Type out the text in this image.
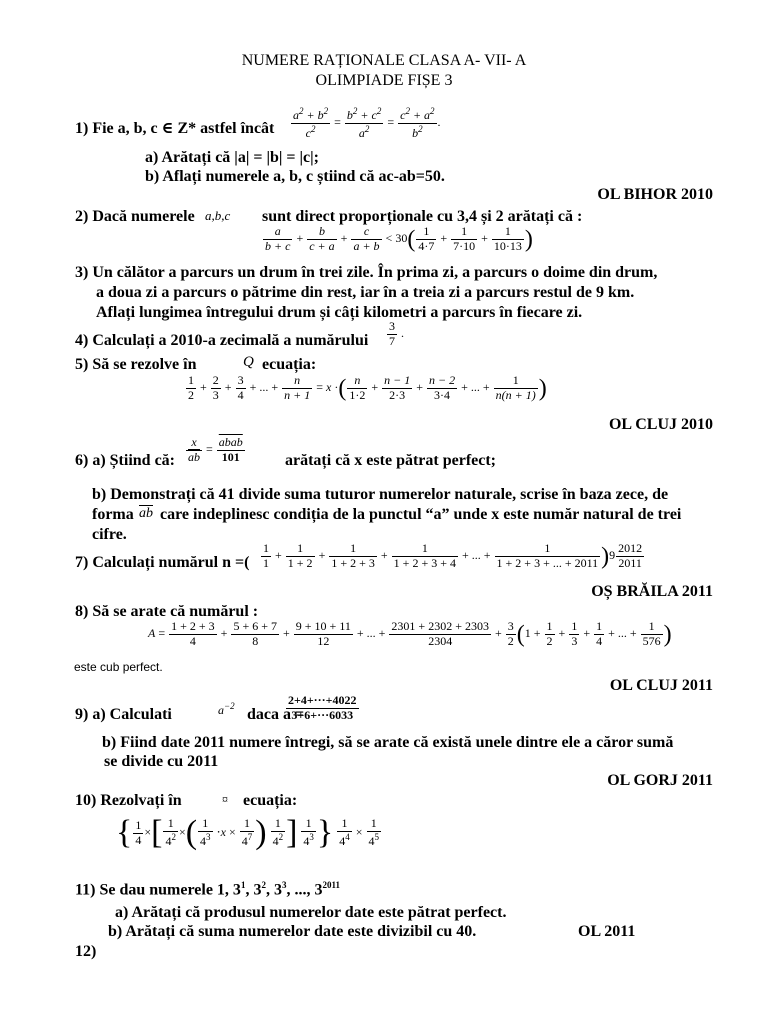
NUMERE RAȚIONALE CLASA A- VII- A
OLIMPIADE FIȘE 3
1) Fie a, b, c ∈ Z* astfel încât $\frac{a^2 + b^2}{c^2} = \frac{b^2 + c^2}{a^2} = \frac{c^2 + a^2}{b^2}$ .
a) Arătați că |a| = |b| = |c|;
b) Aflați numerele a, b, c știind că ac-ab=50.
OL BIHOR 2010
2) Dacă numerele a,b,c sunt direct proporționale cu 3,4 și 2 arătați că :
$\frac{a}{b + c} + \frac{b}{c + a} + \frac{c}{a + b} < 30( \frac{1}{4\cdot 7} + \frac{1}{7\cdot 10} + \frac{1}{10\cdot 13}$ )
3) Un călător a parcurs un drum în trei zile. În prima zi, a parcurs o doime din drum,
a doua zi a parcurs o pătrime din rest, iar în a treia zi a parcurs restul de 9 km.
Aflați lungimea întregului drum și câți kilometri a parcurs în fiecare zi.
4) Calculați a 2010-a zecimală a numărului $\frac{3}{7}$ .
5) Să se rezolve în	Q ecuația:
$\frac{1}{2} + \frac{2}{3} + \frac{3}{4}$ + ... + $\frac{n}{n + 1} = x$ ·( $\frac{n}{1\cdot 2} + \frac{n - 1}{2\cdot 3} + \frac{n - 2}{3\cdot 4}$ + ... + $\frac{1}{n(n + 1)}$ )
OL CLUJ 2010
6) a) Știind că: $\frac{x}{ab} = \frac{\text{abab}}{101}$	arătați că x este pătrat perfect;
b) Demonstrați că 41 divide suma tuturor numerelor naturale, scrise în baza zece, de
forma $\overline{ab}$ care indeplinesc condiția de la punctul “a” unde x este număr natural de trei
cifre.
7) Calculați numărul n =( $\frac{1}{1} + \frac{1}{1 + 2} + \frac{1}{1 + 2 + 3} + \frac{1}{1 + 2 + 3 + 4}$ + ... + $\frac{1}{1 + 2 + 3 + ... + 2011} )9 \frac{2012}{2011}$
OȘ BRĂILA 2011
8) Să se arate că numărul :
$A = \frac{1 + 2 + 3}{4} + \frac{5 + 6 + 7}{8} + \frac{9 + 10 + 11}{12}$ + ... + $\frac{2301 + 2302 + 2303}{2304} + \frac{3}{2} (1 + \frac{1}{2} + \frac{1}{3} + \frac{1}{4}$ + ... + $\frac{1}{576}$ )
este cub perfect.
OL CLUJ 2011
9) a) Calculati	$a^{-2}$ daca a =
$\frac{2+4+\cdot\cdot\cdot+4022}{3+6+\cdot\cdot\cdot 6033}$
b) Fiind date 2011 numere întregi, să se arate că există unele dintre ele a căror sumă
se divide cu 2011
OL GORJ 2011
10) Rezolvați în	¤ ecuația:
{ $\frac{1}{4}$ ×[ $\frac{1}{4^2}$ ×( $\frac{1}{4^3} \cdot x \times \frac{1}{4^7}$ ) $\frac{1}{4^2}$ ] $\frac{1}{4^3}$ } $\frac{1}{4^4} \times \frac{1}{4^5}$
11) Se dau numerele 1, $3^1$, $3^2$, $3^3$, ..., $3^{2011}$
a) Arătați că produsul numerelor date este pătrat perfect.
b) Arătați că suma numerelor date este divizibil cu 40.	OL 2011
12)
